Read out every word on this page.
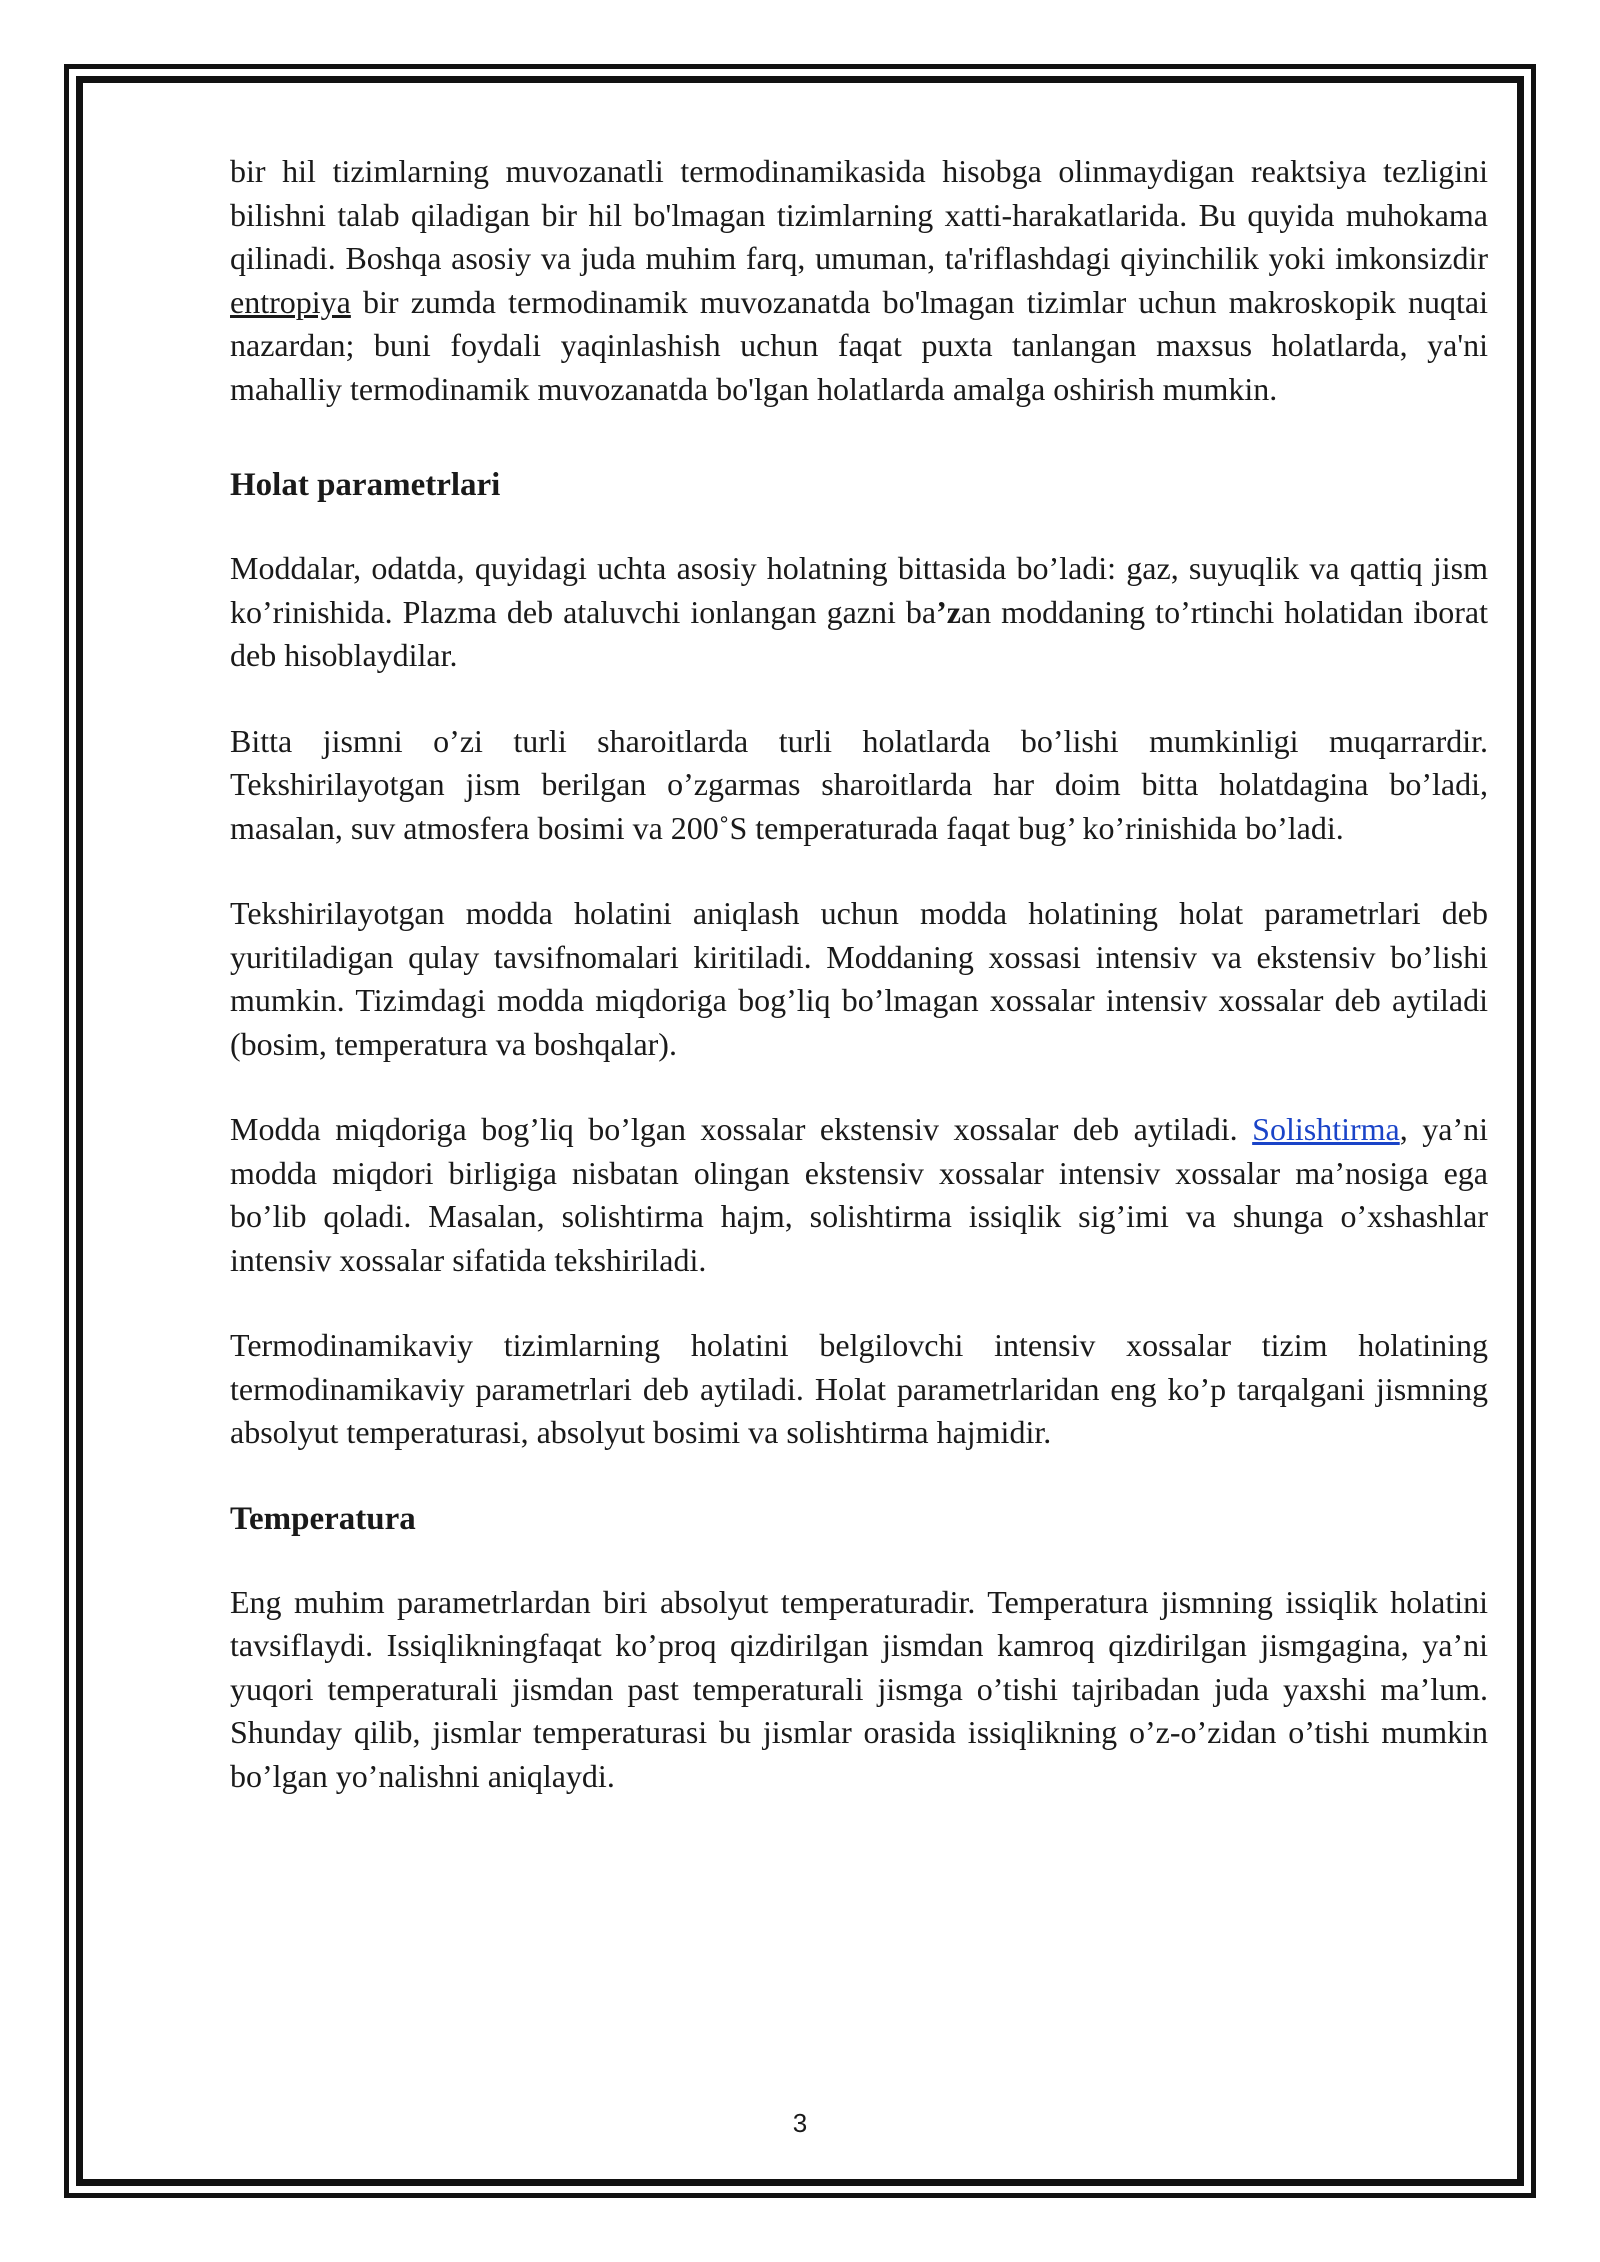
bir hil tizimlarning muvozanatli termodinamikasida hisobga olinmaydigan reaktsiya tezligini bilishni talab qiladigan bir hil bo'lmagan tizimlarning xatti-harakatlarida. Bu quyida muhokama qilinadi. Boshqa asosiy va juda muhim farq, umuman, ta'riflashdagi qiyinchilik yoki imkonsizdir entropiya bir zumda termodinamik muvozanatda bo'lmagan tizimlar uchun makroskopik nuqtai nazardan; buni foydali yaqinlashish uchun faqat puxta tanlangan maxsus holatlarda, ya'ni mahalliy termodinamik muvozanatda bo'lgan holatlarda amalga oshirish mumkin.

Holat parametrlari

Moddalar, odatda, quyidagi uchta asosiy holatning bittasida bo’ladi: gaz, suyuqlik va qattiq jism ko’rinishida. Plazma deb ataluvchi ionlangan gazni ba’zan moddaning to’rtinchi holatidan iborat deb hisoblaydilar.

Bitta jismni o’zi turli sharoitlarda turli holatlarda bo’lishi mumkinligi muqarrardir. Tekshirilayotgan jism berilgan o’zgarmas sharoitlarda har doim bitta holatdagina bo’ladi, masalan, suv atmosfera bosimi va 200˚S temperaturada faqat bug’ ko’rinishida bo’ladi.

Tekshirilayotgan modda holatini aniqlash uchun modda holatining holat parametrlari deb yuritiladigan qulay tavsifnomalari kiritiladi. Moddaning xossasi intensiv va ekstensiv bo’lishi mumkin. Tizimdagi modda miqdoriga bog’liq bo’lmagan xossalar intensiv xossalar deb aytiladi (bosim, temperatura va boshqalar).

Modda miqdoriga bog’liq bo’lgan xossalar ekstensiv xossalar deb aytiladi. Solishtirma, ya’ni modda miqdori birligiga nisbatan olingan ekstensiv xossalar intensiv xossalar ma’nosiga ega bo’lib qoladi. Masalan, solishtirma hajm, solishtirma issiqlik sig’imi va shunga o’xshashlar intensiv xossalar sifatida tekshiriladi.

Termodinamikaviy tizimlarning holatini belgilovchi intensiv xossalar tizim holatining termodinamikaviy parametrlari deb aytiladi. Holat parametrlaridan eng ko’p tarqalgani jismning absolyut temperaturasi, absolyut bosimi va solishtirma hajmidir.

Temperatura

Eng muhim parametrlardan biri absolyut temperaturadir. Temperatura jismning issiqlik holatini tavsiflaydi. Issiqlikningfaqat ko’proq qizdirilgan jismdan kamroq qizdirilgan jismgagina, ya’ni yuqori temperaturali jismdan past temperaturali jismga o’tishi tajribadan juda yaxshi ma’lum. Shunday qilib, jismlar temperaturasi bu jismlar orasida issiqlikning o’z-o’zidan o’tishi mumkin bo’lgan yo’nalishni aniqlaydi.

3
